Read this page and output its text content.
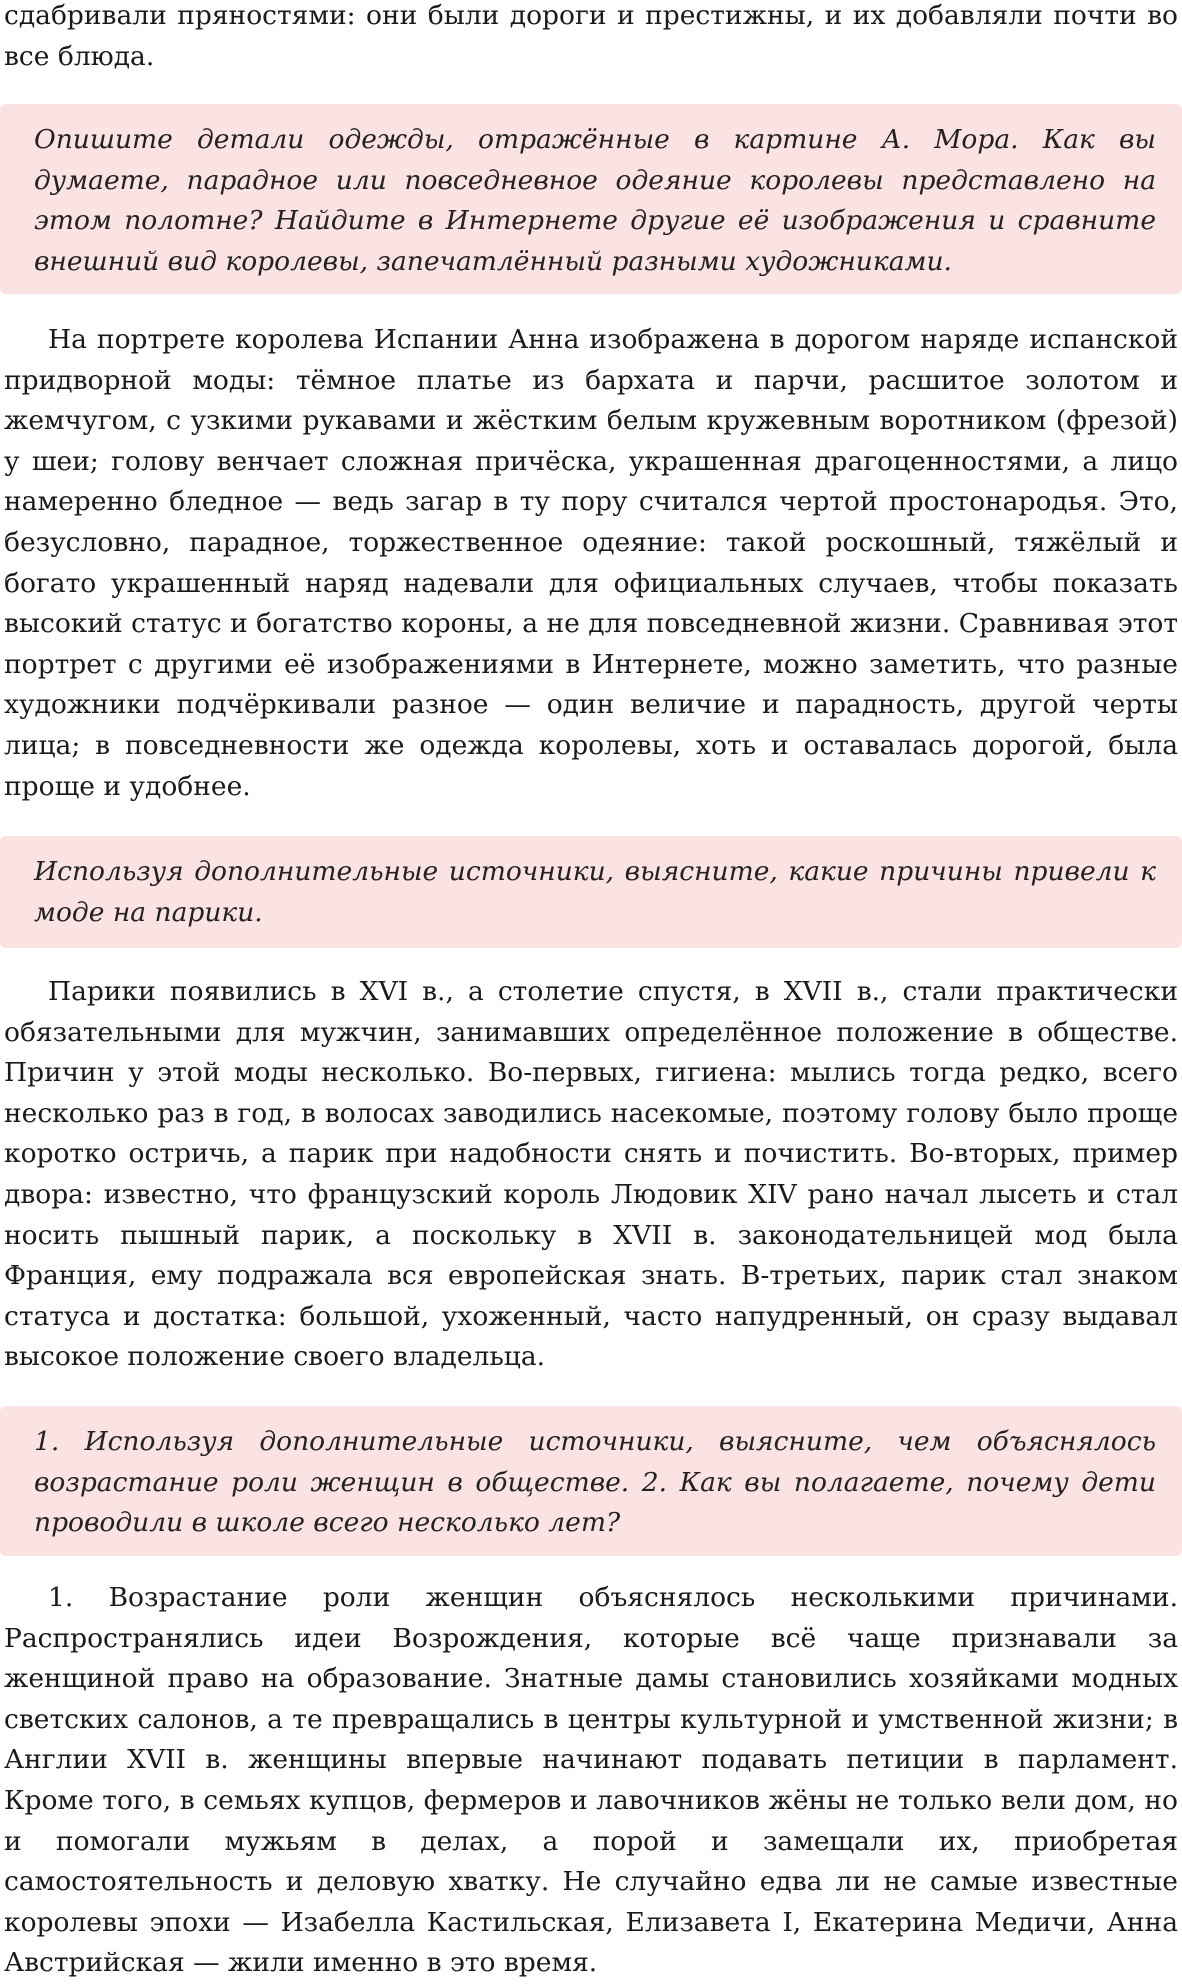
сдабривали пряностями: они были дороги и престижны, и их добавляли почти во все блюда.

Опишите детали одежды, отражённые в картине А. Мора. Как вы думаете, парадное или повседневное одеяние королевы представлено на этом полотне? Найдите в Интернете другие её изображения и сравните внешний вид королевы, запечатлённый разными художниками.

На портрете королева Испании Анна изображена в дорогом наряде испанской придворной моды: тёмное платье из бархата и парчи, расшитое золотом и жемчугом, с узкими рукавами и жёстким белым кружевным воротником (фрезой) у шеи; голову венчает сложная причёска, украшенная драгоценностями, а лицо намеренно бледное — ведь загар в ту пору считался чертой простонародья. Это, безусловно, парадное, торжественное одеяние: такой роскошный, тяжёлый и богато украшенный наряд надевали для официальных случаев, чтобы показать высокий статус и богатство короны, а не для повседневной жизни. Сравнивая этот портрет с другими её изображениями в Интернете, можно заметить, что разные художники подчёркивали разное — один величие и парадность, другой черты лица; в повседневности же одежда королевы, хоть и оставалась дорогой, была проще и удобнее.

Используя дополнительные источники, выясните, какие причины привели к моде на парики.

Парики появились в XVI в., а столетие спустя, в XVII в., стали практически обязательными для мужчин, занимавших определённое положение в обществе. Причин у этой моды несколько. Во-первых, гигиена: мылись тогда редко, всего несколько раз в год, в волосах заводились насекомые, поэтому голову было проще коротко остричь, а парик при надобности снять и почистить. Во-вторых, пример двора: известно, что французский король Людовик XIV рано начал лысеть и стал носить пышный парик, а поскольку в XVII в. законодательницей мод была Франция, ему подражала вся европейская знать. В-третьих, парик стал знаком статуса и достатка: большой, ухоженный, часто напудренный, он сразу выдавал высокое положение своего владельца.

1. Используя дополнительные источники, выясните, чем объяснялось возрастание роли женщин в обществе. 2. Как вы полагаете, почему дети проводили в школе всего несколько лет?

1. Возрастание роли женщин объяснялось несколькими причинами. Распространялись идеи Возрождения, которые всё чаще признавали за женщиной право на образование. Знатные дамы становились хозяйками модных светских салонов, а те превращались в центры культурной и умственной жизни; в Англии XVII в. женщины впервые начинают подавать петиции в парламент. Кроме того, в семьях купцов, фермеров и лавочников жёны не только вели дом, но и помогали мужьям в делах, а порой и замещали их, приобретая самостоятельность и деловую хватку. Не случайно едва ли не самые известные королевы эпохи — Изабелла Кастильская, Елизавета I, Екатерина Медичи, Анна Австрийская — жили именно в это время.
